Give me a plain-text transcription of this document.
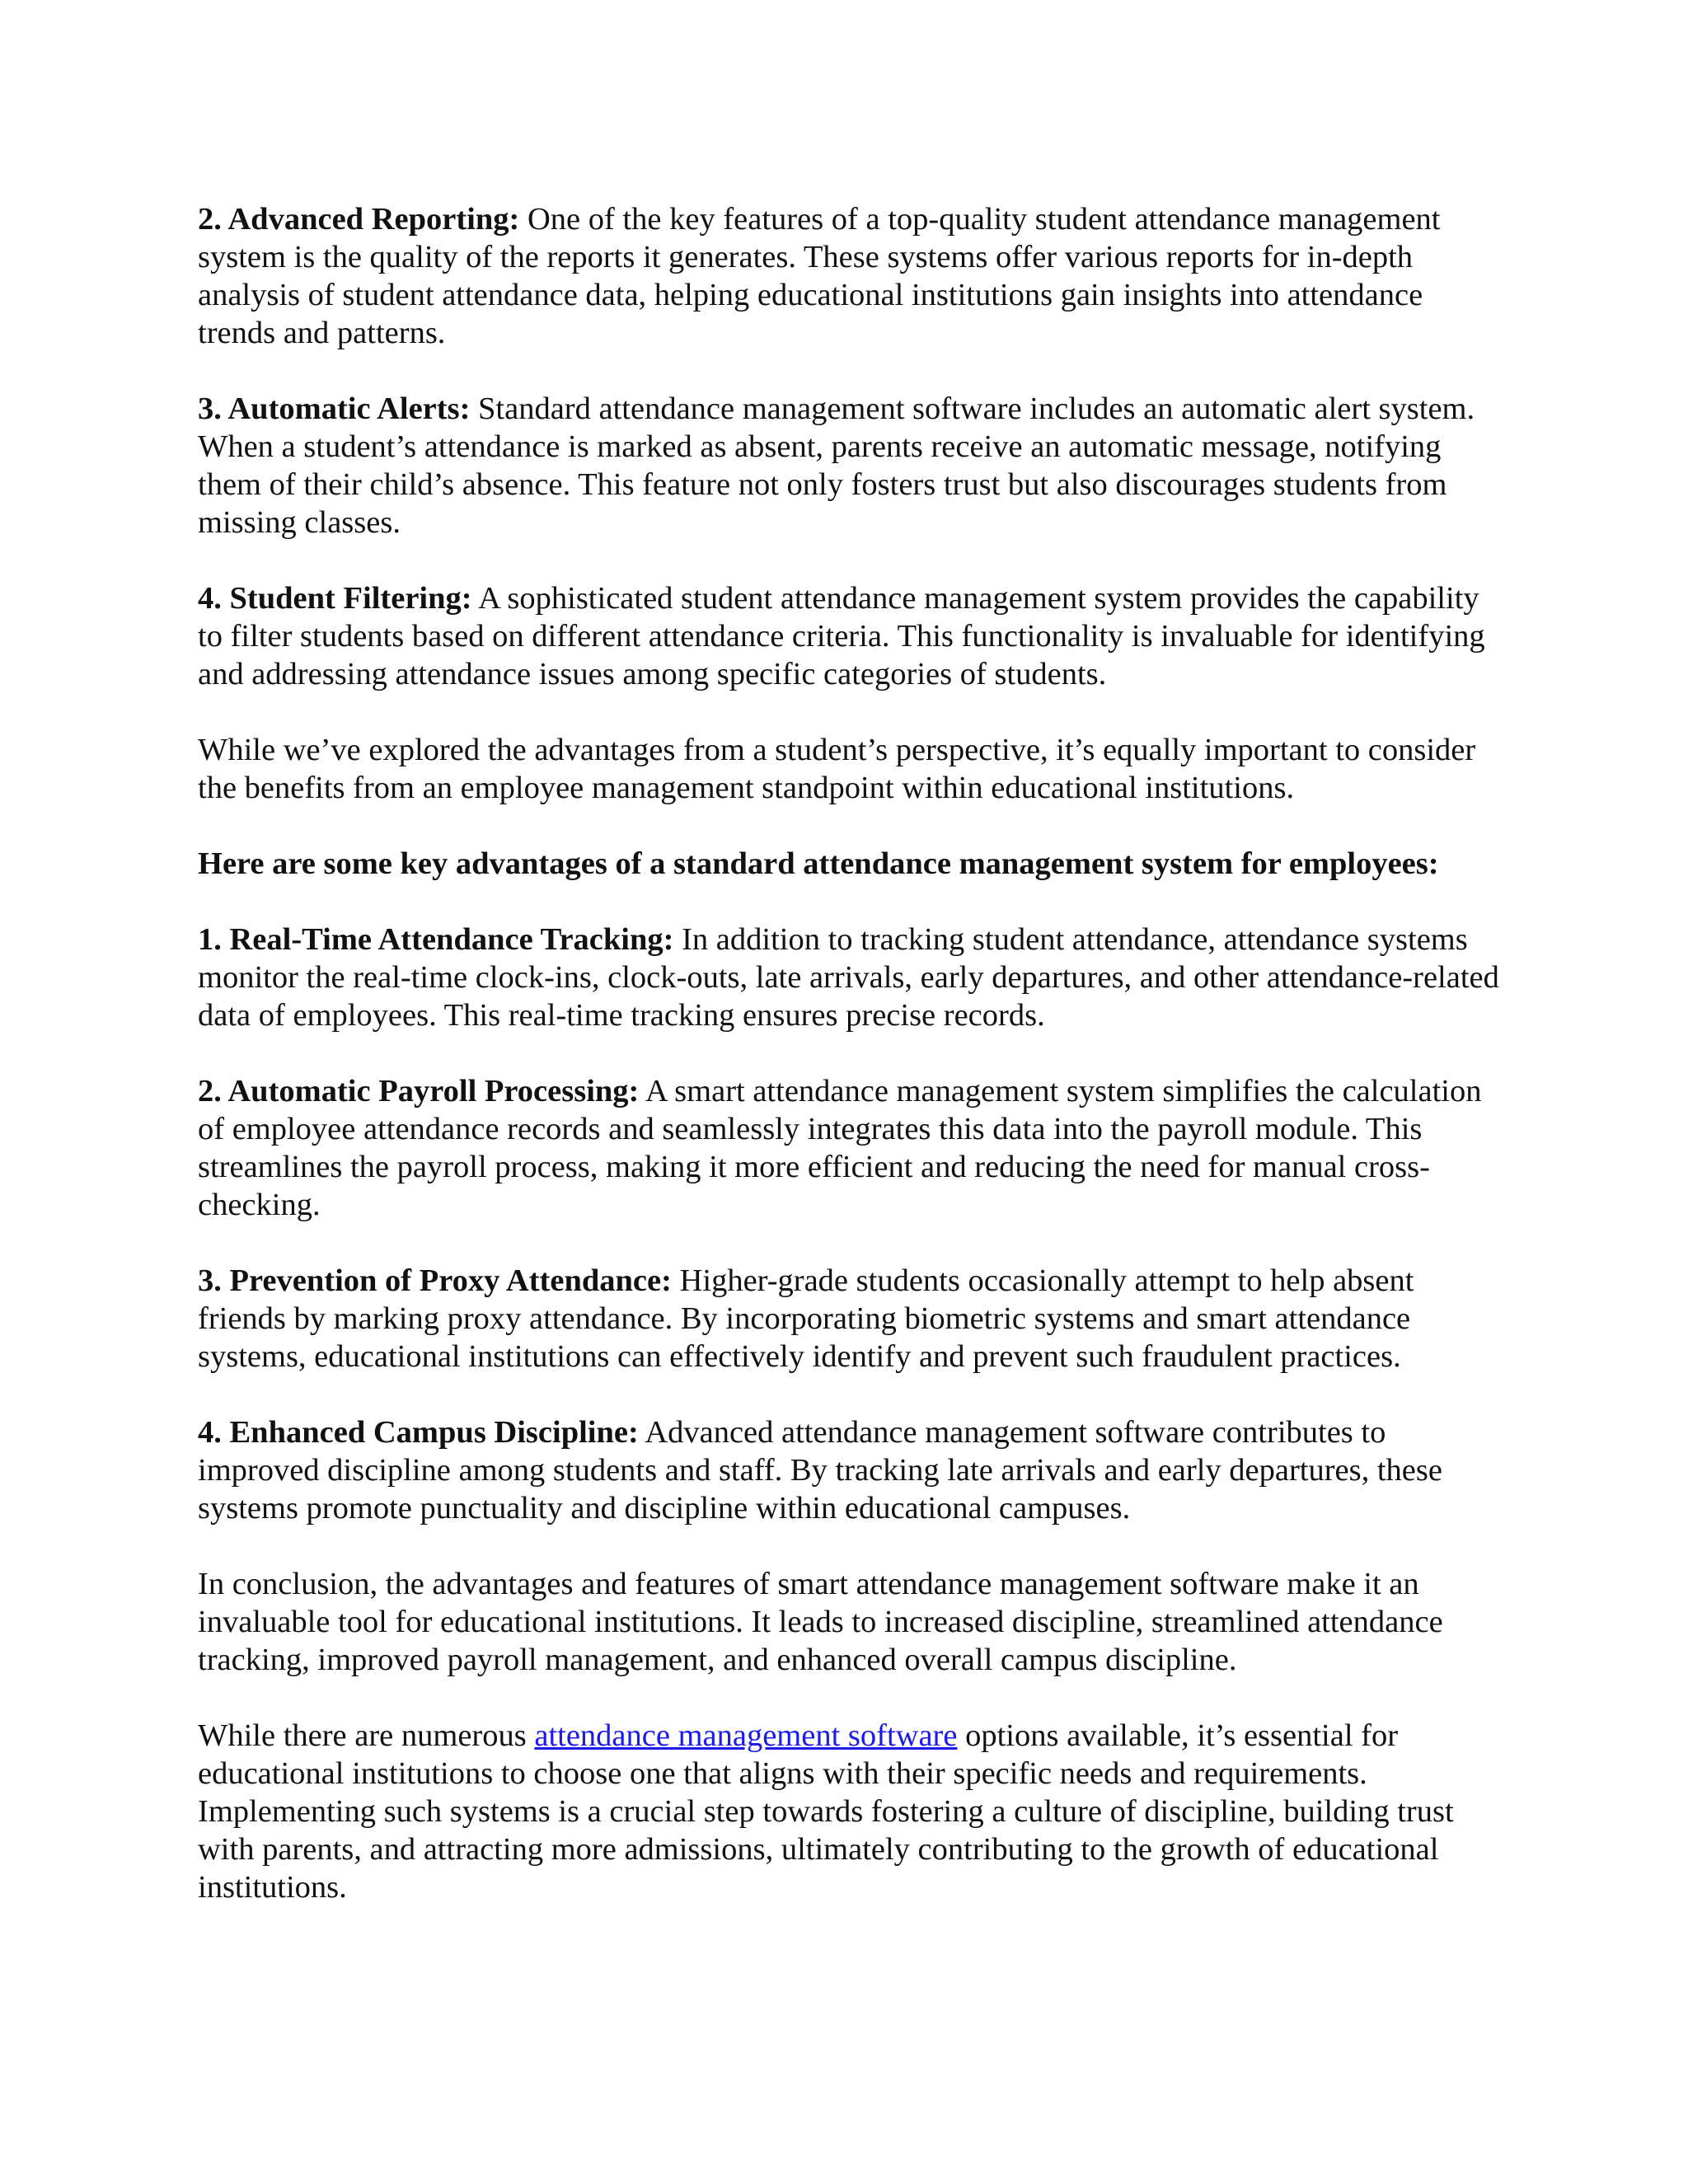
2. Advanced Reporting: One of the key features of a top-quality student attendance management system is the quality of the reports it generates. These systems offer various reports for in-depth analysis of student attendance data, helping educational institutions gain insights into attendance trends and patterns.

3. Automatic Alerts: Standard attendance management software includes an automatic alert system. When a student’s attendance is marked as absent, parents receive an automatic message, notifying them of their child’s absence. This feature not only fosters trust but also discourages students from missing classes.

4. Student Filtering: A sophisticated student attendance management system provides the capability to filter students based on different attendance criteria. This functionality is invaluable for identifying and addressing attendance issues among specific categories of students.

While we’ve explored the advantages from a student’s perspective, it’s equally important to consider the benefits from an employee management standpoint within educational institutions.

Here are some key advantages of a standard attendance management system for employees:

1. Real-Time Attendance Tracking: In addition to tracking student attendance, attendance systems monitor the real-time clock-ins, clock-outs, late arrivals, early departures, and other attendance-related data of employees. This real-time tracking ensures precise records.

2. Automatic Payroll Processing: A smart attendance management system simplifies the calculation of employee attendance records and seamlessly integrates this data into the payroll module. This streamlines the payroll process, making it more efficient and reducing the need for manual cross-checking.

3. Prevention of Proxy Attendance: Higher-grade students occasionally attempt to help absent friends by marking proxy attendance. By incorporating biometric systems and smart attendance systems, educational institutions can effectively identify and prevent such fraudulent practices.

4. Enhanced Campus Discipline: Advanced attendance management software contributes to improved discipline among students and staff. By tracking late arrivals and early departures, these systems promote punctuality and discipline within educational campuses.

In conclusion, the advantages and features of smart attendance management software make it an invaluable tool for educational institutions. It leads to increased discipline, streamlined attendance tracking, improved payroll management, and enhanced overall campus discipline.

While there are numerous attendance management software options available, it’s essential for educational institutions to choose one that aligns with their specific needs and requirements. Implementing such systems is a crucial step towards fostering a culture of discipline, building trust with parents, and attracting more admissions, ultimately contributing to the growth of educational institutions.
